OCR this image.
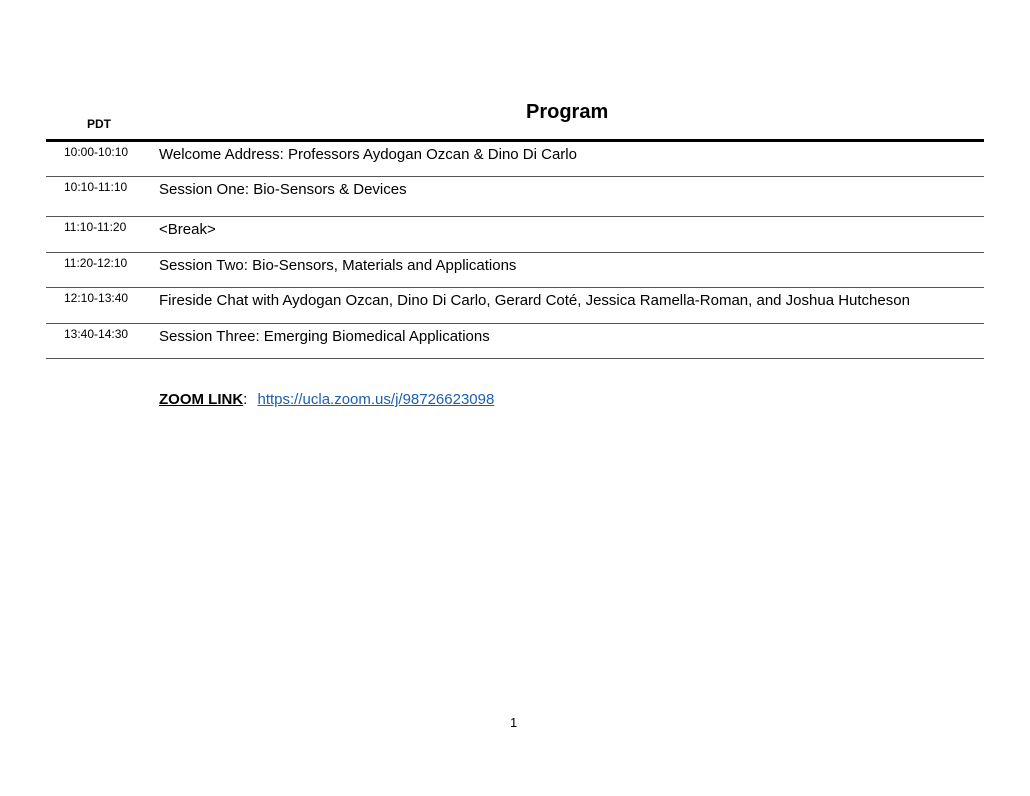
PDT
Program
10:00-10:10 Welcome Address: Professors Aydogan Ozcan & Dino Di Carlo
10:10-11:10 Session One: Bio-Sensors & Devices
11:10-11:20 <Break>
11:20-12:10 Session Two: Bio-Sensors, Materials and Applications
12:10-13:40 Fireside Chat with Aydogan Ozcan, Dino Di Carlo, Gerard Coté, Jessica Ramella-Roman, and Joshua Hutcheson
13:40-14:30 Session Three: Emerging Biomedical Applications
ZOOM LINK: https://ucla.zoom.us/j/98726623098
1
